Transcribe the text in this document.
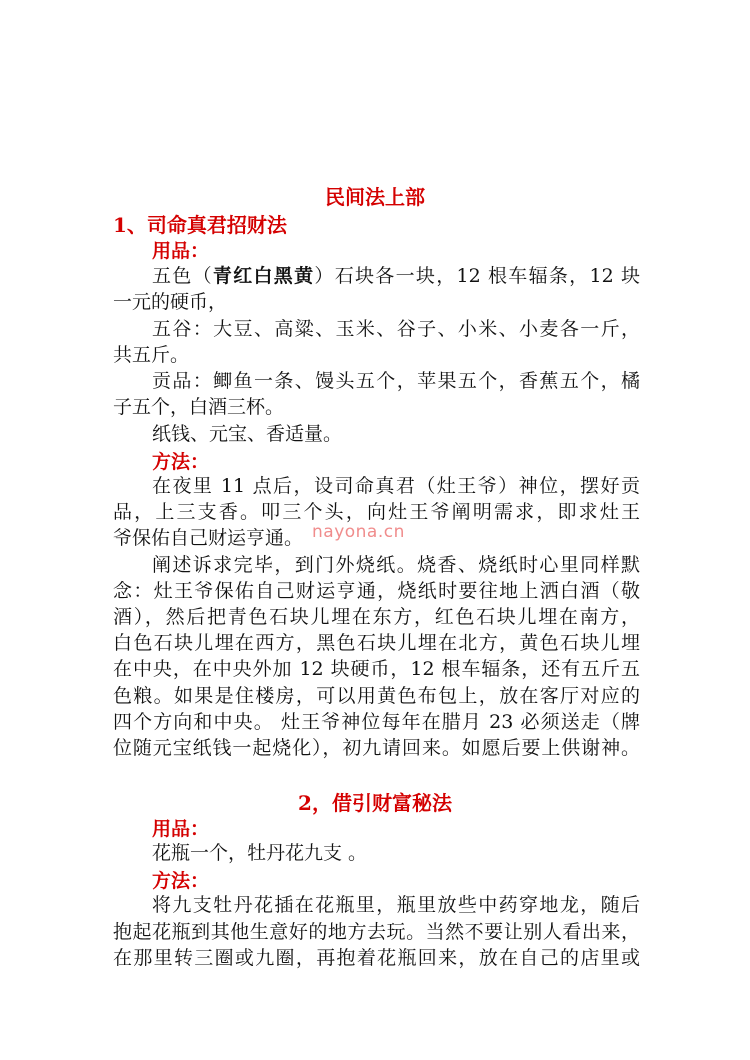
民间法上部
1、司命真君招财法
用品：
五色（青红白黑黄）石块各一块，12 根车辐条，12 块
一元的硬币，
五谷：大豆、高粱、玉米、谷子、小米、小麦各一斤，
共五斤。
贡品：鲫鱼一条、馒头五个，苹果五个，香蕉五个，橘
子五个，白酒三杯。
纸钱、元宝、香适量。
方法：
在夜里 11 点后，设司命真君（灶王爷）神位，摆好贡
品，上三支香。叩三个头，向灶王爷阐明需求，即求灶王
爷保佑自己财运亨通。 nayona.cn
阐述诉求完毕，到门外烧纸。烧香、烧纸时心里同样默
念：灶王爷保佑自己财运亨通，烧纸时要往地上洒白酒（敬
酒），然后把青色石块儿埋在东方，红色石块儿埋在南方，
白色石块儿埋在西方，黑色石块儿埋在北方，黄色石块儿埋
在中央，在中央外加 12 块硬币，12 根车辐条，还有五斤五
色粮。如果是住楼房，可以用黄色布包上，放在客厅对应的
四个方向和中央。 灶王爷神位每年在腊月 23 必须送走（牌
位随元宝纸钱一起烧化），初九请回来。如愿后要上供谢神。
2，借引财富秘法
用品：
花瓶一个，牡丹花九支 。
方法：
将九支牡丹花插在花瓶里，瓶里放些中药穿地龙，随后
抱起花瓶到其他生意好的地方去玩。当然不要让别人看出来，
在那里转三圈或九圈，再抱着花瓶回来，放在自己的店里或
